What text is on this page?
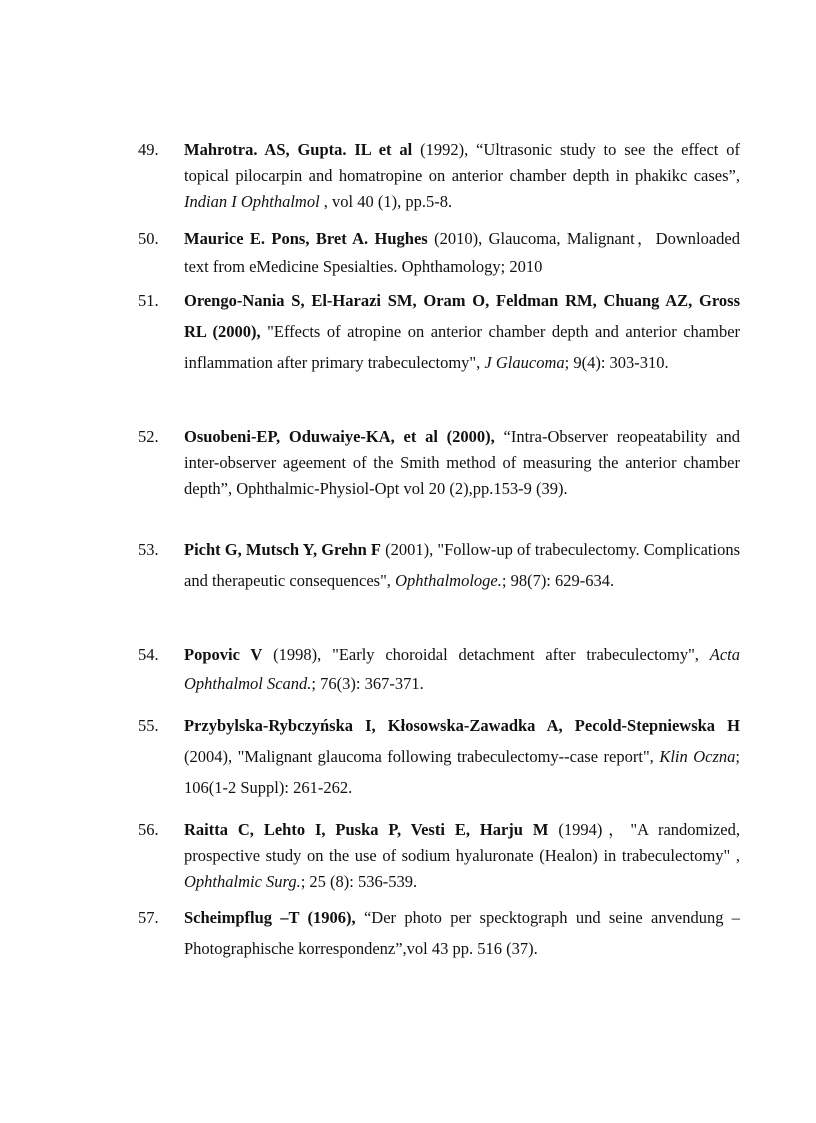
49.	Mahrotra. AS, Gupta. IL et al (1992), “Ultrasonic study to see the effect of topical pilocarpin and homatropine on anterior chamber depth in phakikc cases”, Indian I Ophthalmol , vol 40 (1), pp.5-8.
50.	Maurice E. Pons, Bret A. Hughes (2010), Glaucoma, Malignant，Downloaded text from eMedicine Spesialties. Ophthamology; 2010
51.	Orengo-Nania S, El-Harazi SM, Oram O, Feldman RM, Chuang AZ, Gross RL (2000), "Effects of atropine on anterior chamber depth and anterior chamber inflammation after primary trabeculectomy", J Glaucoma; 9(4): 303-310.
52.	Osuobeni-EP, Oduwaiye-KA, et al (2000), “Intra-Observer reopeatability and inter-observer ageement of the Smith method of measuring the anterior chamber depth”, Ophthalmic-Physiol-Opt vol 20 (2),pp.153-9 (39).
53.	Picht G, Mutsch Y, Grehn F (2001), "Follow-up of trabeculectomy. Complications and therapeutic consequences", Ophthalmologe.; 98(7): 629-634.
54.	Popovic V (1998), "Early choroidal detachment after trabeculectomy", Acta Ophthalmol Scand.; 76(3): 367-371.
55.	Przybylska-Rybczyńska I, Kłosowska-Zawadka A, Pecold-Stepniewska H (2004), "Malignant glaucoma following trabeculectomy--case report", Klin Oczna; 106(1-2 Suppl): 261-262.
56.	Raitta C, Lehto I, Puska P, Vesti E, Harju M (1994)，"A randomized, prospective study on the use of sodium hyaluronate (Healon) in trabeculectomy" , Ophthalmic Surg.; 25 (8): 536-539.
57.	Scheimpflug –T (1906), “Der photo per specktograph und seine anvendung –Photographische korrespondenz”,vol 43 pp. 516 (37).
